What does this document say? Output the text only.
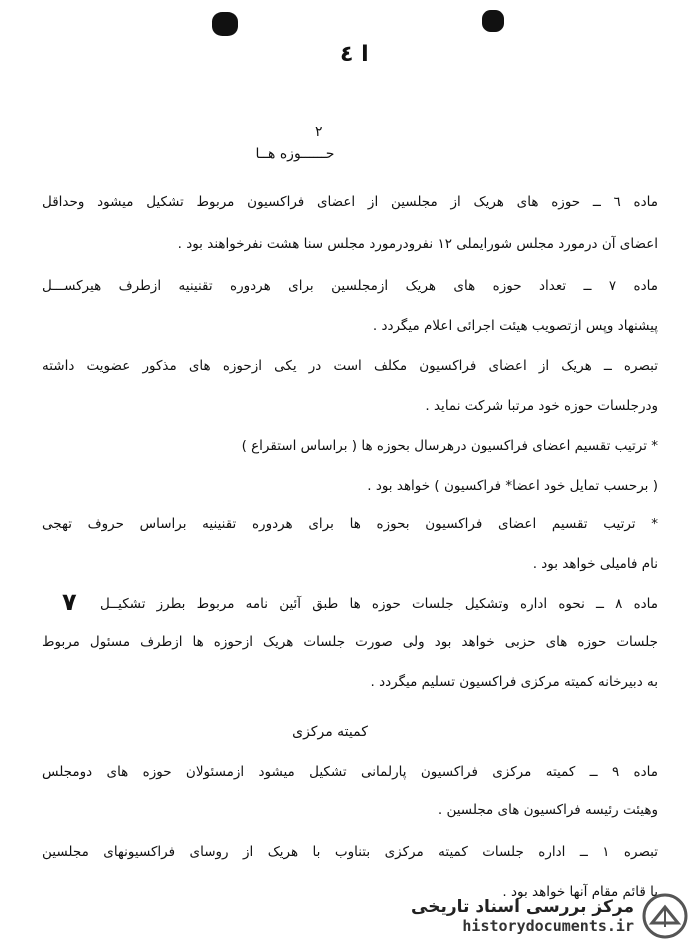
ا ٤
٢
حــــــوزه هــا
ماده ٦ ــ حوزه های هریک از مجلسین از اعضای فراکسیون مربوط تشکیل میشود وحداقل
اعضای آن درمورد مجلس شورایملی ١٢ نفرودرمورد مجلس سنا هشت نفرخواهند بود .
ماده ٧ ــ تعداد حوزه های هریک ازمجلسین برای هردوره تقنینیه ازطرف هیرکســـل
پیشنهاد وپس ازتصویب هیئت اجرائی اعلام میگردد .
تبصره ــ هریک از اعضای فراکسیون مکلف است در یکی ازحوزه های مذکور عضویت داشته
ودرجلسات حوزه خود مرتبا شرکت نماید .
* ترتیب تقسیم اعضای فراکسیون درهرسال بحوزه ها ( براساس استقراع )
( برحسب تمایل خود اعضا* فراکسیون ) خواهد بود .
* ترتیب تقسیم اعضای فراکسیون بحوزه ها برای هردوره تقنینیه براساس حروف تهجی
نام فامیلی خواهد بود .
٧ ماده ٨ ــ نحوه اداره وتشکیل جلسات حوزه ها طبق آئین نامه مربوط بطرز تشکیــل
جلسات حوزه های حزبی خواهد بود ولی صورت جلسات هریک ازحوزه ها ازطرف مسئول مربوط
به دبیرخانه کمیته مرکزی فراکسیون تسلیم میگردد .
کمیته مرکزی
ماده ٩ ــ کمیته مرکزی فراکسیون پارلمانی تشکیل میشود ازمسئولان حوزه های دومجلس
وهیئت رئیسه فراکسیون های مجلسین .
تبصره ١ ــ اداره جلسات کمیته مرکزی بتناوب با هریک از روسای فراکسیونهای مجلسین
با قائم مقام آنها خواهد بود .
مرکز بررسی اسناد تاریخی
historydocuments.ir
